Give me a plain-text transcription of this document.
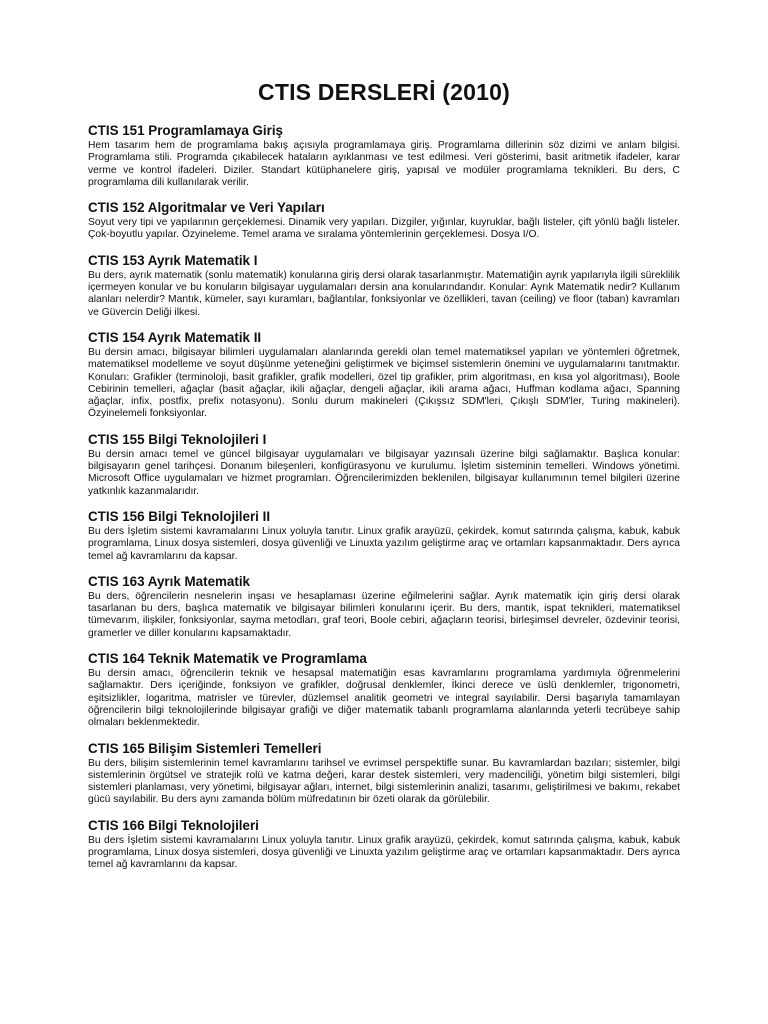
CTIS DERSLERİ (2010)
CTIS 151 Programlamaya Giriş

Hem tasarım hem de programlama bakış açısıyla programlamaya giriş. Programlama dillerinin söz dizimi ve anlam bilgisi. Programlama stili. Programda çıkabilecek hataların ayıklanması ve test edilmesi. Veri gösterimi, basit aritmetik ifadeler, karar verme ve kontrol ifadeleri. Diziler. Standart kütüphanelere giriş, yapısal ve modüler programlama teknikleri. Bu ders, C programlama dili kullanılarak verilir.

CTIS 152 Algoritmalar ve Veri Yapıları

Soyut very tipi ve yapılarının gerçeklemesi. Dinamik very yapıları. Dizgiler, yığınlar, kuyruklar, bağlı listeler, çift yönlü bağlı listeler. Çok-boyutlu yapılar. Özyineleme. Temel arama ve sıralama yöntemlerinin gerçeklemesi. Dosya I/O.

CTIS 153 Ayrık Matematik I

Bu ders, ayrık matematik (sonlu matematik) konularına giriş dersi olarak tasarlanmıştır. Matematiğin ayrık yapılarıyla ilgili süreklilik içermeyen konular ve bu konuların bilgisayar uygulamaları dersin ana konularındandır. Konular: Ayrık Matematik nedir? Kullanım alanları nelerdir? Mantık, kümeler, sayı kuramları, bağlantılar, fonksiyonlar ve özellikleri, tavan (ceiling) ve floor (taban) kavramları ve Güvercin Deliği ilkesi.

CTIS 154 Ayrık Matematik II

Bu dersin amacı, bilgisayar bilimleri uygulamaları alanlarında gerekli olan temel matematiksel yapıları ve yöntemleri öğretmek, matematiksel modelleme ve soyut düşünme yeteneğini geliştirmek ve biçimsel sistemlerin önemini ve uygulamalarını tanıtmaktır. Konuları: Grafikler (terminoloji, basit grafikler, grafik modelleri, özel tip grafikler, prim algoritması, en kısa yol algoritması), Boole Cebirinin temelleri, ağaçlar (basit ağaçlar, ikili ağaçlar, dengeli ağaçlar, ikili arama ağacı, Huffman kodlama ağacı, Spanning ağaçlar, infix, postfix, prefix notasyonu). Sonlu durum makineleri (Çıkışsız SDM'leri, Çıkışlı SDM'ler, Turing makineleri). Özyinelemeli fonksiyonlar.

CTIS 155 Bilgi Teknolojileri I

Bu dersin amacı temel ve güncel bilgisayar uygulamaları ve bilgisayar yazınsalı üzerine bilgi sağlamaktır. Başlıca konular: bilgisayarın genel tarihçesi. Donanım bileşenleri, konfigürasyonu ve kurulumu. İşletim sisteminin temelleri. Windows yönetimi. Microsoft Office uygulamaları ve hizmet programları. Öğrencilerimizden beklenilen, bilgisayar kullanımının temel bilgileri üzerine yatkınlık kazanmalarıdır.

CTIS 156 Bilgi Teknolojileri II

Bu ders İşletim sistemi kavramalarını Linux yoluyla tanıtır. Linux grafik arayüzü, çekirdek, komut satırında çalışma, kabuk, kabuk programlama, Linux dosya sistemleri, dosya güvenliği ve Linuxta yazılım geliştirme araç ve ortamları kapsanmaktadır. Ders ayrıca temel ağ kavramlarını da kapsar.

CTIS 163 Ayrık Matematik

Bu ders, öğrencilerin nesnelerin inşası ve hesaplaması üzerine eğilmelerini sağlar. Ayrık matematik için giriş dersi olarak tasarlanan bu ders, başlıca matematik ve bilgisayar bilimleri konularını içerir. Bu ders, mantık, ispat teknikleri, matematiksel tümevarım, ilişkiler, fonksiyonlar, sayma metodları, graf teori, Boole cebiri, ağaçların teorisi, birleşimsel devreler, özdevinir teorisi, gramerler ve diller konularını kapsamaktadır.

CTIS 164 Teknik Matematik ve Programlama

Bu dersin amacı, öğrencilerin teknik ve hesapsal matematiğin esas kavramlarını programlama yardımıyla öğrenmelerini sağlamaktır. Ders içeriğinde, fonksiyon ve grafikler, doğrusal denklemler, İkinci derece ve üslü denklemler, trigonometri, eşitsizlikler, logaritma, matrisler ve türevler, düzlemsel analitik geometri ve integral sayılabilir. Dersi başarıyla tamamlayan öğrencilerin bilgi teknolojilerinde bilgisayar grafiği ve diğer matematik tabanlı programlama alanlarında yeterli tecrübeye sahip olmaları beklenmektedir.

CTIS 165 Bilişim Sistemleri Temelleri

Bu ders, bilişim sistemlerinin temel kavramlarını tarihsel ve evrimsel perspektifle sunar. Bu kavramlardan bazıları; sistemler, bilgi sistemlerinin örgütsel ve stratejik rolü ve katma değeri, karar destek sistemleri, very madenciliği, yönetim bilgi sistemleri, bilgi sistemleri planlaması, very yönetimi, bilgisayar ağları, internet, bilgi sistemlerinin analizi, tasarımı, geliştirilmesi ve bakımı, rekabet gücü sayılabilir. Bu ders aynı zamanda bölüm müfredatının bir özeti olarak da görülebilir.

CTIS 166 Bilgi Teknolojileri

Bu ders İşletim sistemi kavramalarını Linux yoluyla tanıtır. Linux grafik arayüzü, çekirdek, komut satırında çalışma, kabuk, kabuk programlama, Linux dosya sistemleri, dosya güvenliği ve Linuxta yazılım geliştirme araç ve ortamları kapsanmaktadır. Ders ayrıca temel ağ kavramlarını da kapsar.
